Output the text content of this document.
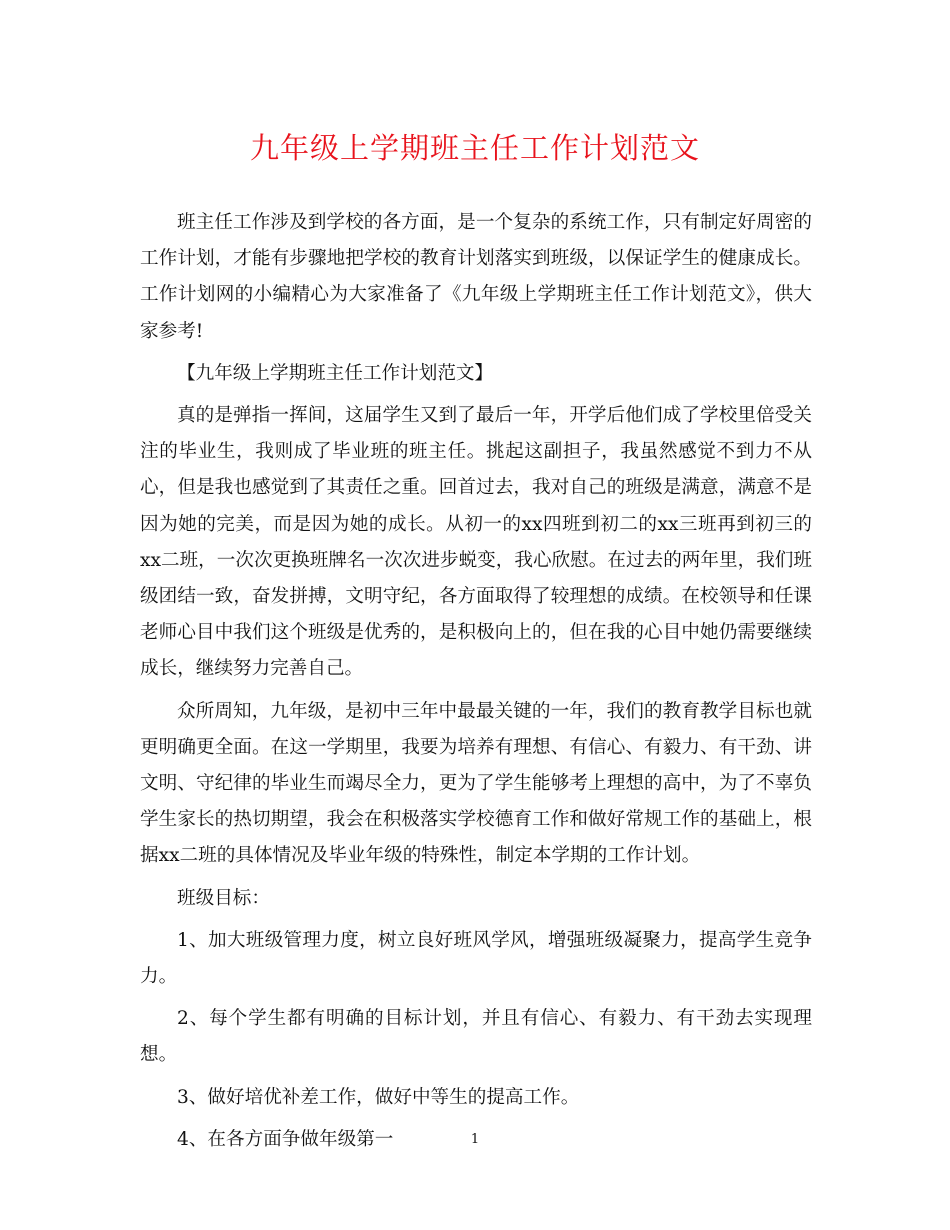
九年级上学期班主任工作计划范文

班主任工作涉及到学校的各方面，是一个复杂的系统工作，只有制定好周密的工作计划，才能有步骤地把学校的教育计划落实到班级，以保证学生的健康成长。工作计划网的小编精心为大家准备了《九年级上学期班主任工作计划范文》，供大家参考!

【九年级上学期班主任工作计划范文】

真的是弹指一挥间，这届学生又到了最后一年，开学后他们成了学校里倍受关注的毕业生，我则成了毕业班的班主任。挑起这副担子，我虽然感觉不到力不从心，但是我也感觉到了其责任之重。回首过去，我对自己的班级是满意，满意不是因为她的完美，而是因为她的成长。从初一的xx四班到初二的xx三班再到初三的xx二班，一次次更换班牌名一次次进步蜕变，我心欣慰。在过去的两年里，我们班级团结一致，奋发拼搏，文明守纪，各方面取得了较理想的成绩。在校领导和任课老师心目中我们这个班级是优秀的，是积极向上的，但在我的心目中她仍需要继续成长，继续努力完善自己。

众所周知，九年级，是初中三年中最最关键的一年，我们的教育教学目标也就更明确更全面。在这一学期里，我要为培养有理想、有信心、有毅力、有干劲、讲文明、守纪律的毕业生而竭尽全力，更为了学生能够考上理想的高中，为了不辜负学生家长的热切期望，我会在积极落实学校德育工作和做好常规工作的基础上，根据xx二班的具体情况及毕业年级的特殊性，制定本学期的工作计划。

班级目标：

1、加大班级管理力度，树立良好班风学风，增强班级凝聚力，提高学生竞争力。

2、每个学生都有明确的目标计划，并且有信心、有毅力、有干劲去实现理想。

3、做好培优补差工作，做好中等生的提高工作。

4、在各方面争做年级第一	1
